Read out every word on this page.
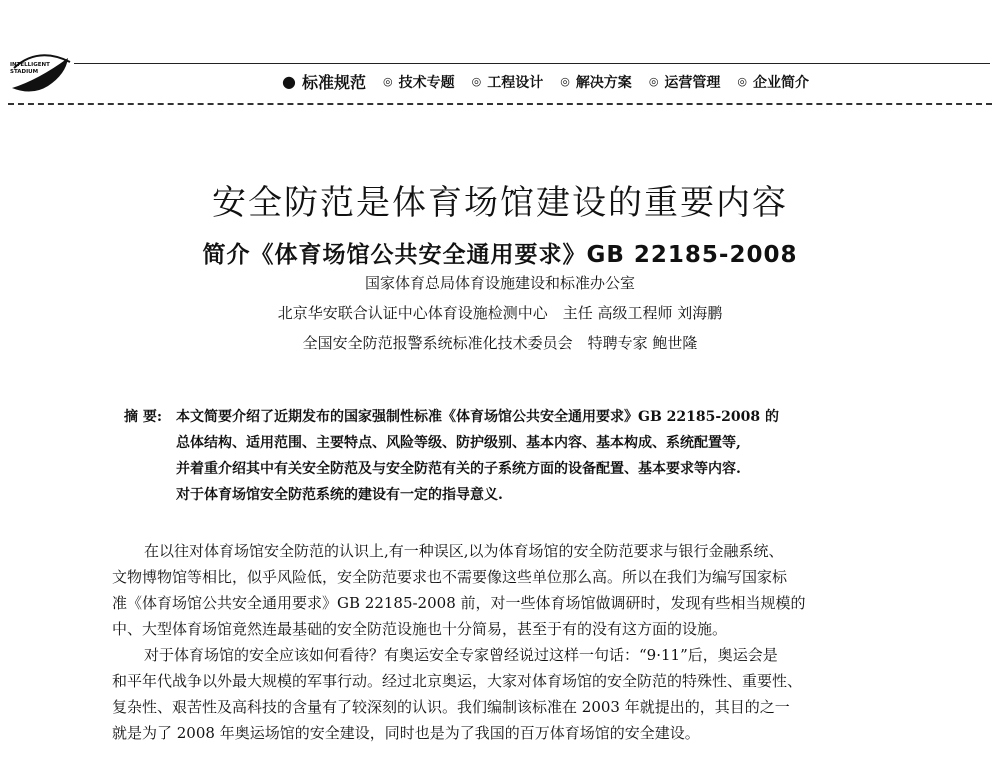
INTELLIGENT
STADIUM	● 标准规范 ◎ 技术专题 ◎ 工程设计 ◎ 解决方案 ◎ 运营管理 ◎ 企业简介
安全防范是体育场馆建设的重要内容
简介《体育场馆公共安全通用要求》GB 22185-2008
国家体育总局体育设施建设和标准办公室
北京华安联合认证中心体育设施检测中心　主任 高级工程师 刘海鹏
全国安全防范报警系统标准化技术委员会　特聘专家 鲍世隆
摘 要: 本文简要介绍了近期发布的国家强制性标准《体育场馆公共安全通用要求》GB 22185-2008 的
总体结构、适用范围、主要特点、风险等级、防护级别、基本内容、基本构成、系统配置等,
并着重介绍其中有关安全防范及与安全防范有关的子系统方面的设备配置、基本要求等内容.
对于体育场馆安全防范系统的建设有一定的指导意义.
在以往对体育场馆安全防范的认识上,有一种误区,以为体育场馆的安全防范要求与银行金融系统、
文物博物馆等相比，似乎风险低，安全防范要求也不需要像这些单位那么高。所以在我们为编写国家标
准《体育场馆公共安全通用要求》GB 22185-2008 前，对一些体育场馆做调研时，发现有些相当规模的
中、大型体育场馆竟然连最基础的安全防范设施也十分简易，甚至于有的没有这方面的设施。
对于体育场馆的安全应该如何看待？有奥运安全专家曾经说过这样一句话：“9·11”后，奥运会是
和平年代战争以外最大规模的军事行动。经过北京奥运，大家对体育场馆的安全防范的特殊性、重要性、
复杂性、艰苦性及高科技的含量有了较深刻的认识。我们编制该标准在 2003 年就提出的，其目的之一
就是为了 2008 年奥运场馆的安全建设，同时也是为了我国的百万体育场馆的安全建设。
